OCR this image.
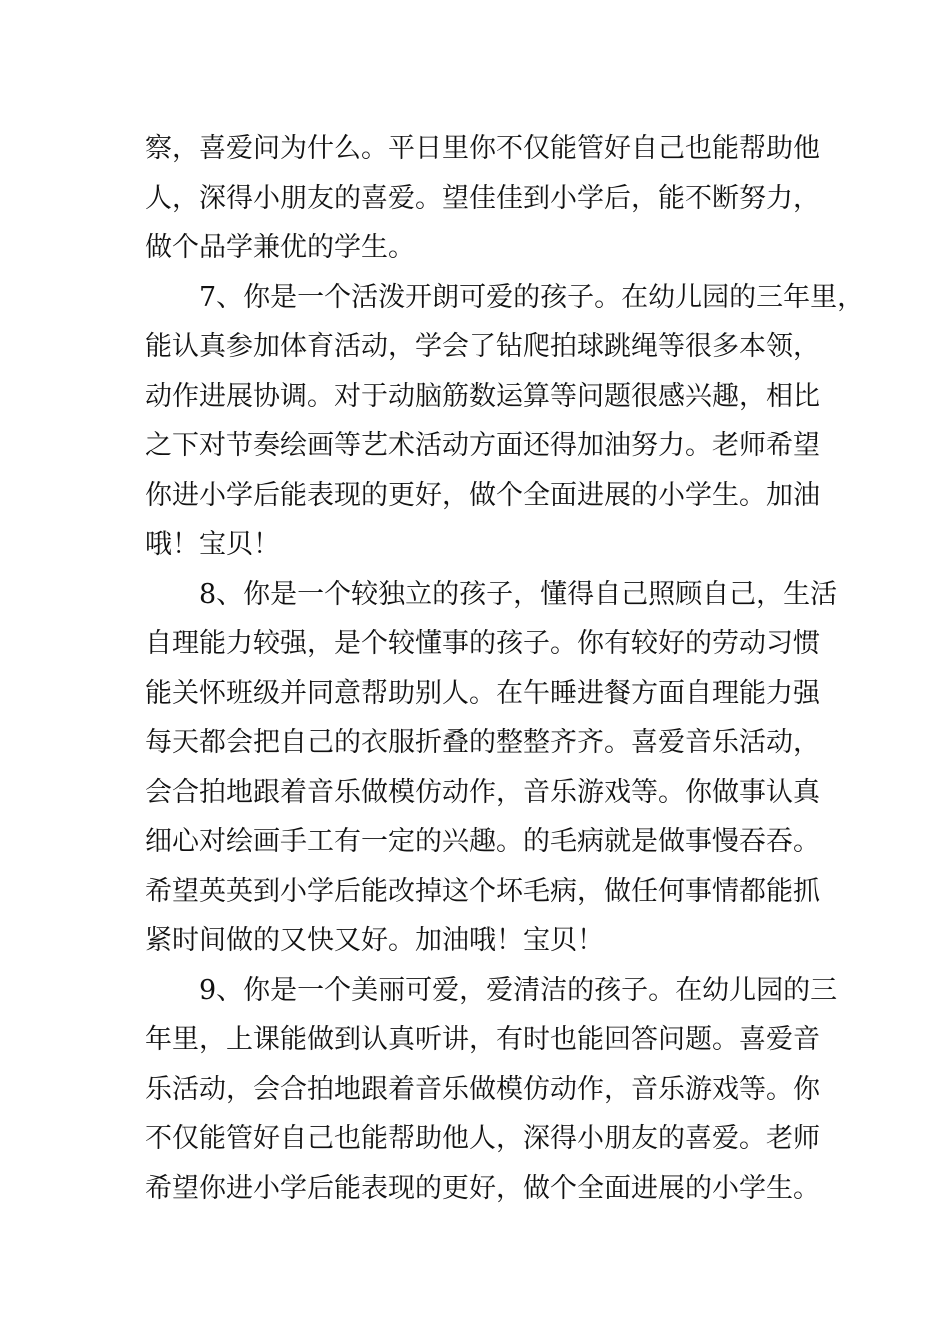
察，喜爱问为什么。平日里你不仅能管好自己也能帮助他
人，深得小朋友的喜爱。望佳佳到小学后，能不断努力，
做个品学兼优的学生。
7、你是一个活泼开朗可爱的孩子。在幼儿园的三年里，
能认真参加体育活动，学会了钻爬拍球跳绳等很多本领，
动作进展协调。对于动脑筋数运算等问题很感兴趣，相比
之下对节奏绘画等艺术活动方面还得加油努力。老师希望
你进小学后能表现的更好，做个全面进展的小学生。加油
哦！宝贝！
8、你是一个较独立的孩子，懂得自己照顾自己，生活
自理能力较强，是个较懂事的孩子。你有较好的劳动习惯
能关怀班级并同意帮助别人。在午睡进餐方面自理能力强
每天都会把自己的衣服折叠的整整齐齐。喜爱音乐活动，
会合拍地跟着音乐做模仿动作，音乐游戏等。你做事认真
细心对绘画手工有一定的兴趣。的毛病就是做事慢吞吞。
希望英英到小学后能改掉这个坏毛病，做任何事情都能抓
紧时间做的又快又好。加油哦！宝贝！
9、你是一个美丽可爱，爱清洁的孩子。在幼儿园的三
年里，上课能做到认真听讲，有时也能回答问题。喜爱音
乐活动，会合拍地跟着音乐做模仿动作，音乐游戏等。你
不仅能管好自己也能帮助他人，深得小朋友的喜爱。老师
希望你进小学后能表现的更好，做个全面进展的小学生。
